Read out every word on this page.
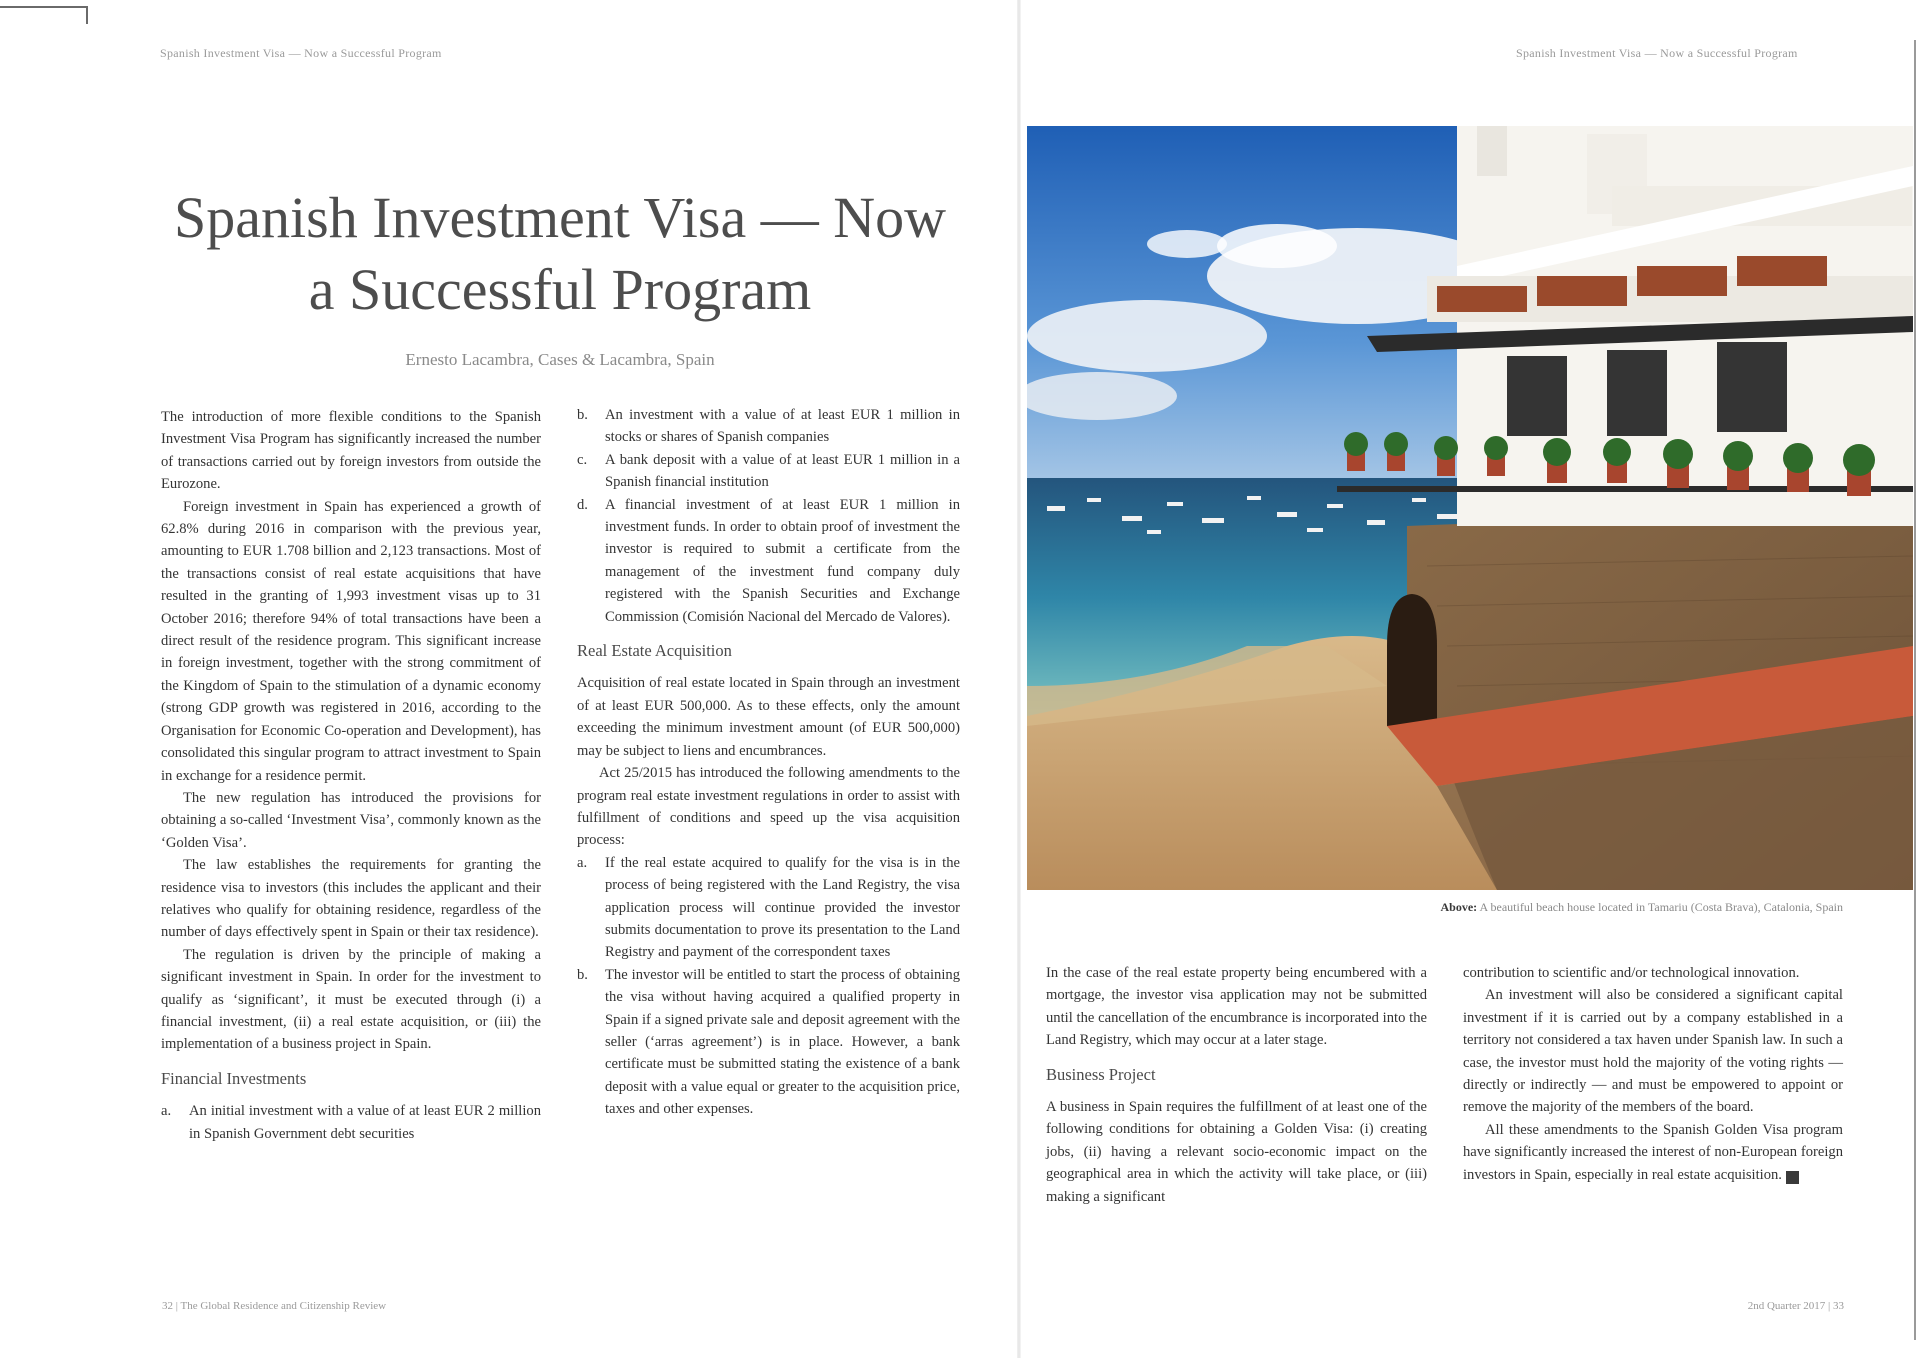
Spanish Investment Visa — Now a Successful Program	Spanish Investment Visa — Now a Successful Program
Spanish Investment Visa — Now
a Successful Program
Ernesto Lacambra, Cases & Lacambra, Spain

The introduction of more flexible conditions to the Spanish Investment Visa Program has significantly increased the number of transactions carried out by foreign investors from outside the Eurozone.

Foreign investment in Spain has experienced a growth of 62.8% during 2016 in comparison with the previous year, amounting to EUR 1.708 billion and 2,123 transactions. Most of the transactions consist of real estate acquisitions that have resulted in the granting of 1,993 investment visas up to 31 October 2016; therefore 94% of total transactions have been a direct result of the residence program. This significant increase in foreign investment, together with the strong commitment of the Kingdom of Spain to the stimulation of a dynamic economy (strong GDP growth was registered in 2016, according to the Organisation for Economic Co-operation and Development), has consolidated this singular program to attract investment to Spain in exchange for a residence permit.

The new regulation has introduced the provisions for obtaining a so-called ‘Investment Visa’, commonly known as the ‘Golden Visa’.

The law establishes the requirements for granting the residence visa to investors (this includes the applicant and their relatives who qualify for obtaining residence, regardless of the number of days effectively spent in Spain or their tax residence).

The regulation is driven by the principle of making a significant investment in Spain. In order for the investment to qualify as ‘significant’, it must be executed through (i) a financial investment, (ii) a real estate acquisition, or (iii) the implementation of a business project in Spain.

Financial Investments
a. An initial investment with a value of at least EUR 2 million in Spanish Government debt securities
b. An investment with a value of at least EUR 1 million in stocks or shares of Spanish companies
c. A bank deposit with a value of at least EUR 1 million in a Spanish financial institution
d. A financial investment of at least EUR 1 million in investment funds. In order to obtain proof of investment the investor is required to submit a certificate from the management of the investment fund company duly registered with the Spanish Securities and Exchange Commission (Comisión Nacional del Mercado de Valores).
Real Estate Acquisition

Acquisition of real estate located in Spain through an investment of at least EUR 500,000. As to these effects, only the amount exceeding the minimum investment amount (of EUR 500,000) may be subject to liens and encumbrances.

Act 25/2015 has introduced the following amendments to the program real estate investment regulations in order to assist with fulfillment of conditions and speed up the visa acquisition process:

a. If the real estate acquired to qualify for the visa is in the process of being registered with the Land Registry, the visa application process will continue provided the investor submits documentation to prove its presentation to the Land Registry and payment of the correspondent taxes
b. The investor will be entitled to start the process of obtaining the visa without having acquired a qualified property in Spain if a signed private sale and deposit agreement with the seller (‘arras agreement’) is in place. However, a bank certificate must be submitted stating the existence of a bank deposit with a value equal or greater to the acquisition price, taxes and other expenses.
Above: A beautiful beach house located in Tamariu (Costa Brava), Catalonia, Spain

In the case of the real estate property being encumbered with a mortgage, the investor visa application may not be submitted until the cancellation of the encumbrance is incorporated into the Land Registry, which may occur at a later stage.

Business Project

A business in Spain requires the fulfillment of at least one of the following conditions for obtaining a Golden Visa: (i) creating jobs, (ii) having a relevant socio-economic impact on the geographical area in which the activity will take place, or (iii) making a significant

contribution to scientific and/or technological innovation.

An investment will also be considered a significant capital investment if it is carried out by a company established in a territory not considered a tax haven under Spanish law. In such a case, the investor must hold the majority of the voting rights — directly or indirectly — and must be empowered to appoint or remove the majority of the members of the board.

All these amendments to the Spanish Golden Visa program have significantly increased the interest of non-European foreign investors in Spain, especially in real estate acquisition.	R

32 | The Global Residence and Citizenship Review	2nd Quarter 2017 | 33
